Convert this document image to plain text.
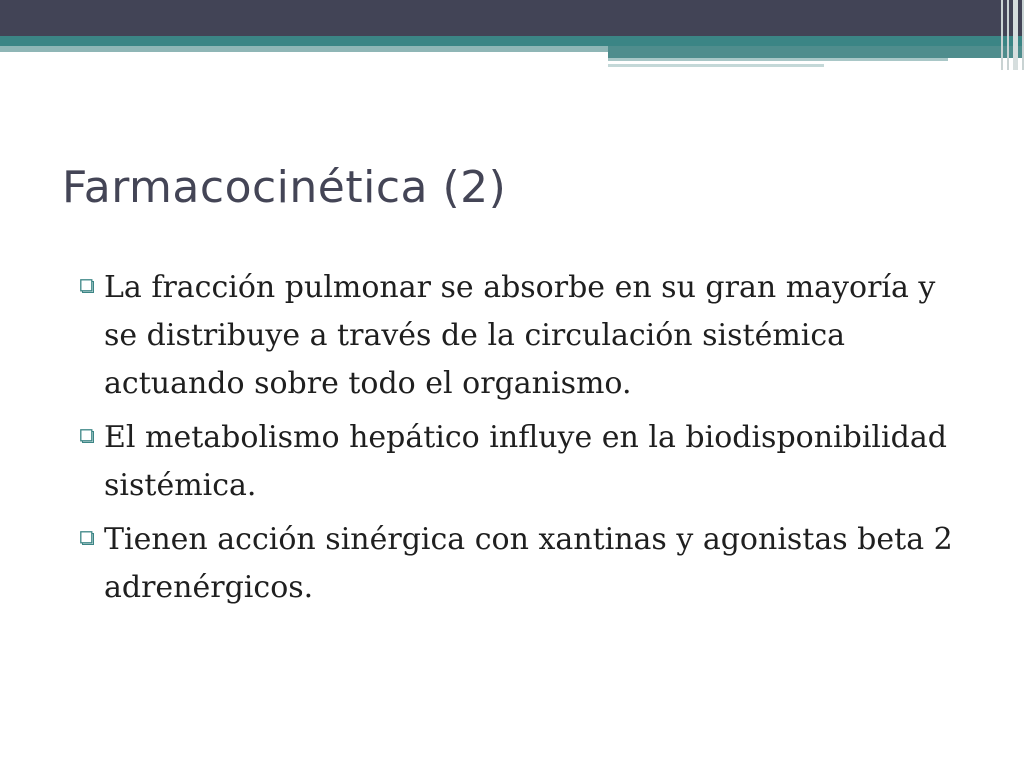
Farmacocinética (2)
La fracción pulmonar se absorbe en su gran mayoría y se distribuye a través de la circulación sistémica actuando sobre todo el organismo.
El metabolismo hepático influye en la biodisponibilidad sistémica.
Tienen acción sinérgica con xantinas y agonistas beta 2 adrenérgicos.
